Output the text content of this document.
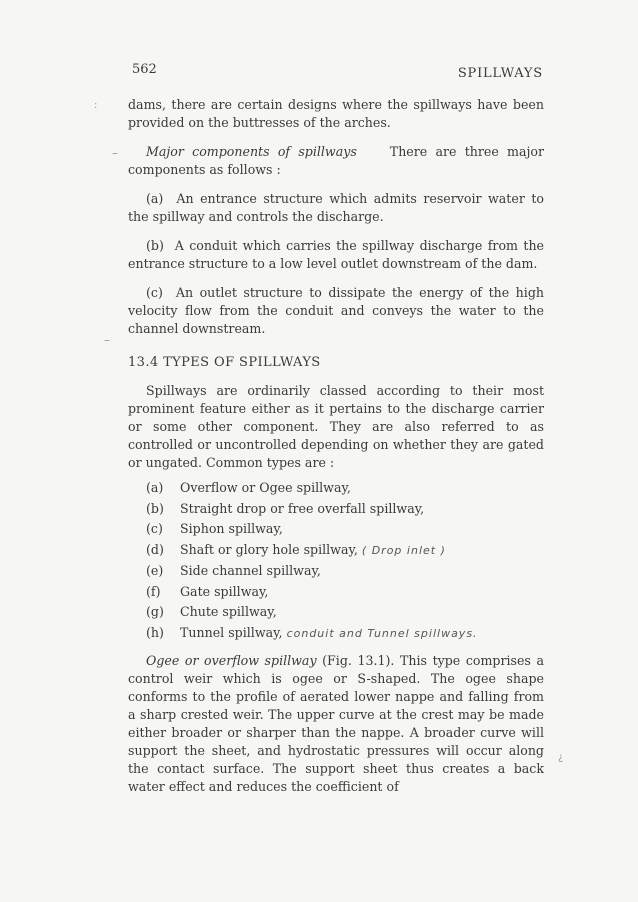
562	SPILLWAYS
:
–
–
¿

dams, there are certain designs where the spillways have been provided on the buttresses of the arches.

Major components of spillways	There are three major components as follows :

(a) An entrance structure which admits reservoir water to the spillway and controls the discharge.

(b) A conduit which carries the spillway discharge from the entrance structure to a low level outlet downstream of the dam.

(c) An outlet structure to dissipate the energy of the high velocity flow from the conduit and conveys the water to the channel downstream.

13.4 TYPES OF SPILLWAYS

Spillways are ordinarily classed according to their most prominent feature either as it pertains to the discharge carrier or some other component. They are also referred to as controlled or uncontrolled depending on whether they are gated or ungated. Common types are :

(a) Overflow or Ogee spillway,
(b) Straight drop or free overfall spillway,
(c) Siphon spillway,
(d) Shaft or glory hole spillway, ( Drop inlet )
(e) Side channel spillway,
(f) Gate spillway,
(g) Chute spillway,
(h) Tunnel spillway, conduit and Tunnel spillways.

Ogee or overflow spillway (Fig. 13.1). This type comprises a control weir which is ogee or S-shaped. The ogee shape conforms to the profile of aerated lower nappe and falling from a sharp crested weir. The upper curve at the crest may be made either broader or sharper than the nappe. A broader curve will support the sheet, and hydrostatic pressures will occur along the contact surface. The support sheet thus creates a back water effect and reduces the coefficient of
